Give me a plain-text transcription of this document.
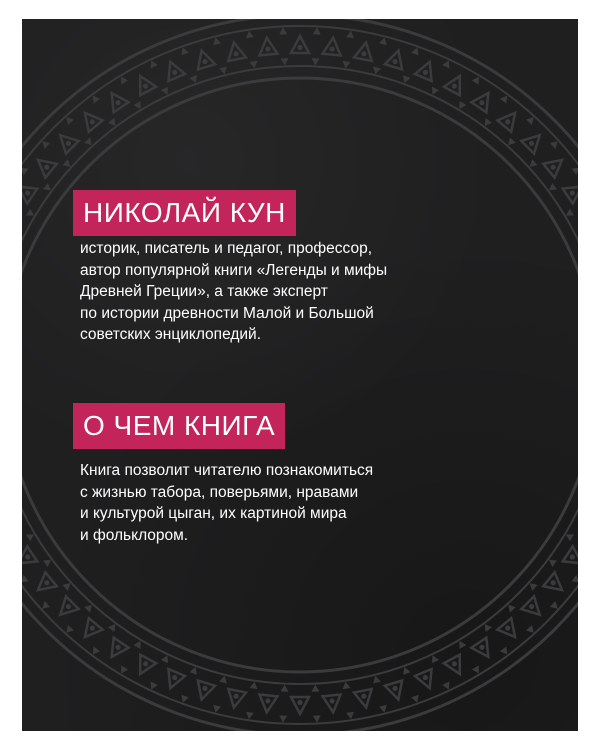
НИКОЛАЙ КУН

историк, писатель и педагог, профессор,
автор популярной книги «Легенды и мифы
Древней Греции», а также эксперт
по истории древности Малой и Большой
советских энциклопедий.

О ЧЕМ КНИГА

Книга позволит читателю познакомиться
с жизнью табора, поверьями, нравами
и культурой цыган, их картиной мира
и фольклором.
